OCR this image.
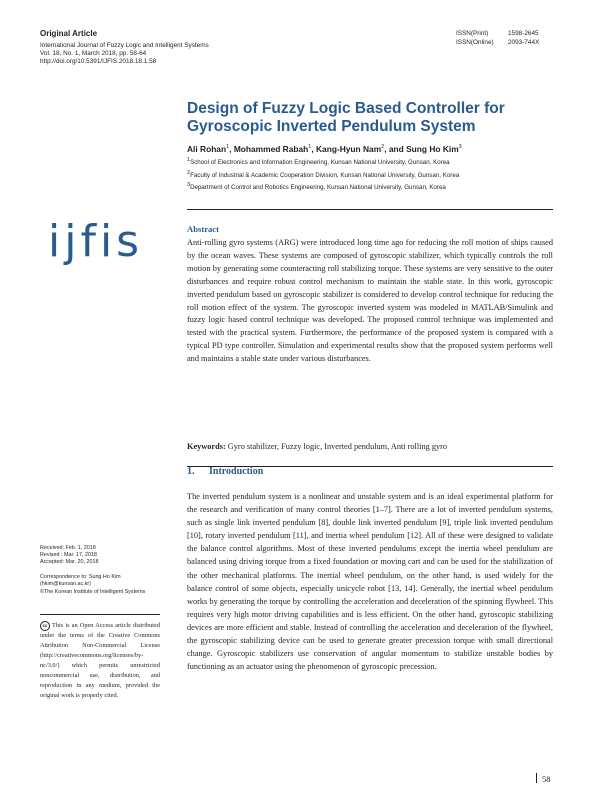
Original Article
International Journal of Fuzzy Logic and Intelligent Systems
Vol. 18, No. 1, March 2018, pp. 58-64
http://doi.org/10.5391/IJFIS.2018.18.1.58
ISSN(Print)	1598-2645
ISSN(Online) 2093-744X
Design of Fuzzy Logic Based Controller for
Gyroscopic Inverted Pendulum System
Ali Rohan$^1$, Mohammed Rabah$^1$, Kang-Hyun Nam$^2$, and Sung Ho Kim$^3$
$^1$School of Electronics and Information Engineering, Kunsan National University, Gunsan, Korea
$^2$Faculty of Industrial & Academic Cooperation Division, Kunsan National University, Gunsan, Korea
$^3$Department of Control and Robotics Engineering, Kunsan National University, Gunsan, Korea
ijfis	Abstract
Anti-rolling gyro systems (ARG) were introduced long time ago for reducing the roll motion of ships caused by the ocean waves. These systems are composed of gyroscopic stabilizer, which typically controls the roll motion by generating some counteracting roll stabilizing torque. These systems are very sensitive to the outer disturbances and require robust control mechanism to maintain the stable state. In this work, gyroscopic inverted pendulum based on gyroscopic stabilizer is considered to develop control technique for reducing the roll motion effect of the system. The gyroscopic inverted system was modeled in MATLAB/Simulink and fuzzy logic based control technique was developed. The proposed control technique was implemented and tested with the practical system. Furthermore, the performance of the proposed system is compared with a typical PD type controller. Simulation and experimental results show that the proposed system performs well and maintains a stable state under various disturbances.
Keywords: Gyro stabilizer, Fuzzy logic, Inverted pendulum, Anti rolling gyro
1. Introduction
The inverted pendulum system is a nonlinear and unstable system and is an ideal experimental platform for the research and verification of many control theories [1–7]. There are a lot of inverted pendulum systems, such as single link inverted pendulum [8], double link inverted pendulum [9], triple link inverted pendulum [10], rotary inverted pendulum [11], and inertia wheel pendulum [12]. All of these were designed to validate the balance control algorithms. Most of these inverted pendulums except the inertia wheel pendulum are balanced using driving torque from a fixed foundation or moving cart and can be used for the stabilization of the other mechanical platforms. The inertial wheel pendulum, on the other hand, is used widely for the balance control of some objects, especially unicycle robot [13, 14]. Generally, the inertial wheel pendulum works by generating the torque by controlling the acceleration and deceleration of the spinning flywheel. This requires very high motor driving capabilities and is less efficient. On the other hand, gyroscopic stabilizing devices are more efficient and stable. Instead of controlling the acceleration and deceleration of the flywheel, the gyroscopic stabilizing device can be used to generate greater precession torque with small directional change. Gyroscopic stabilizers use conservation of angular momentum to stabilize unstable bodies by functioning as an actuator using the phenomenon of gyroscopic precession.
Received: Feb. 1, 2018
Revised : Mar. 17, 2018
Accepted: Mar. 20, 2018
Correspondence to: Sung Ho Kim
(hkim@kunsan.ac.kr)
©The Korean Institute of Intelligent Systems
cc This is an Open Access article distributed under the terms of the Creative Commons Attribution Non-Commercial License (http://creativecommons.org/licenses/by-nc/3.0/) which permits unrestricted noncommercial use, distribution, and reproduction in any medium, provided the original work is properly cited.
58
